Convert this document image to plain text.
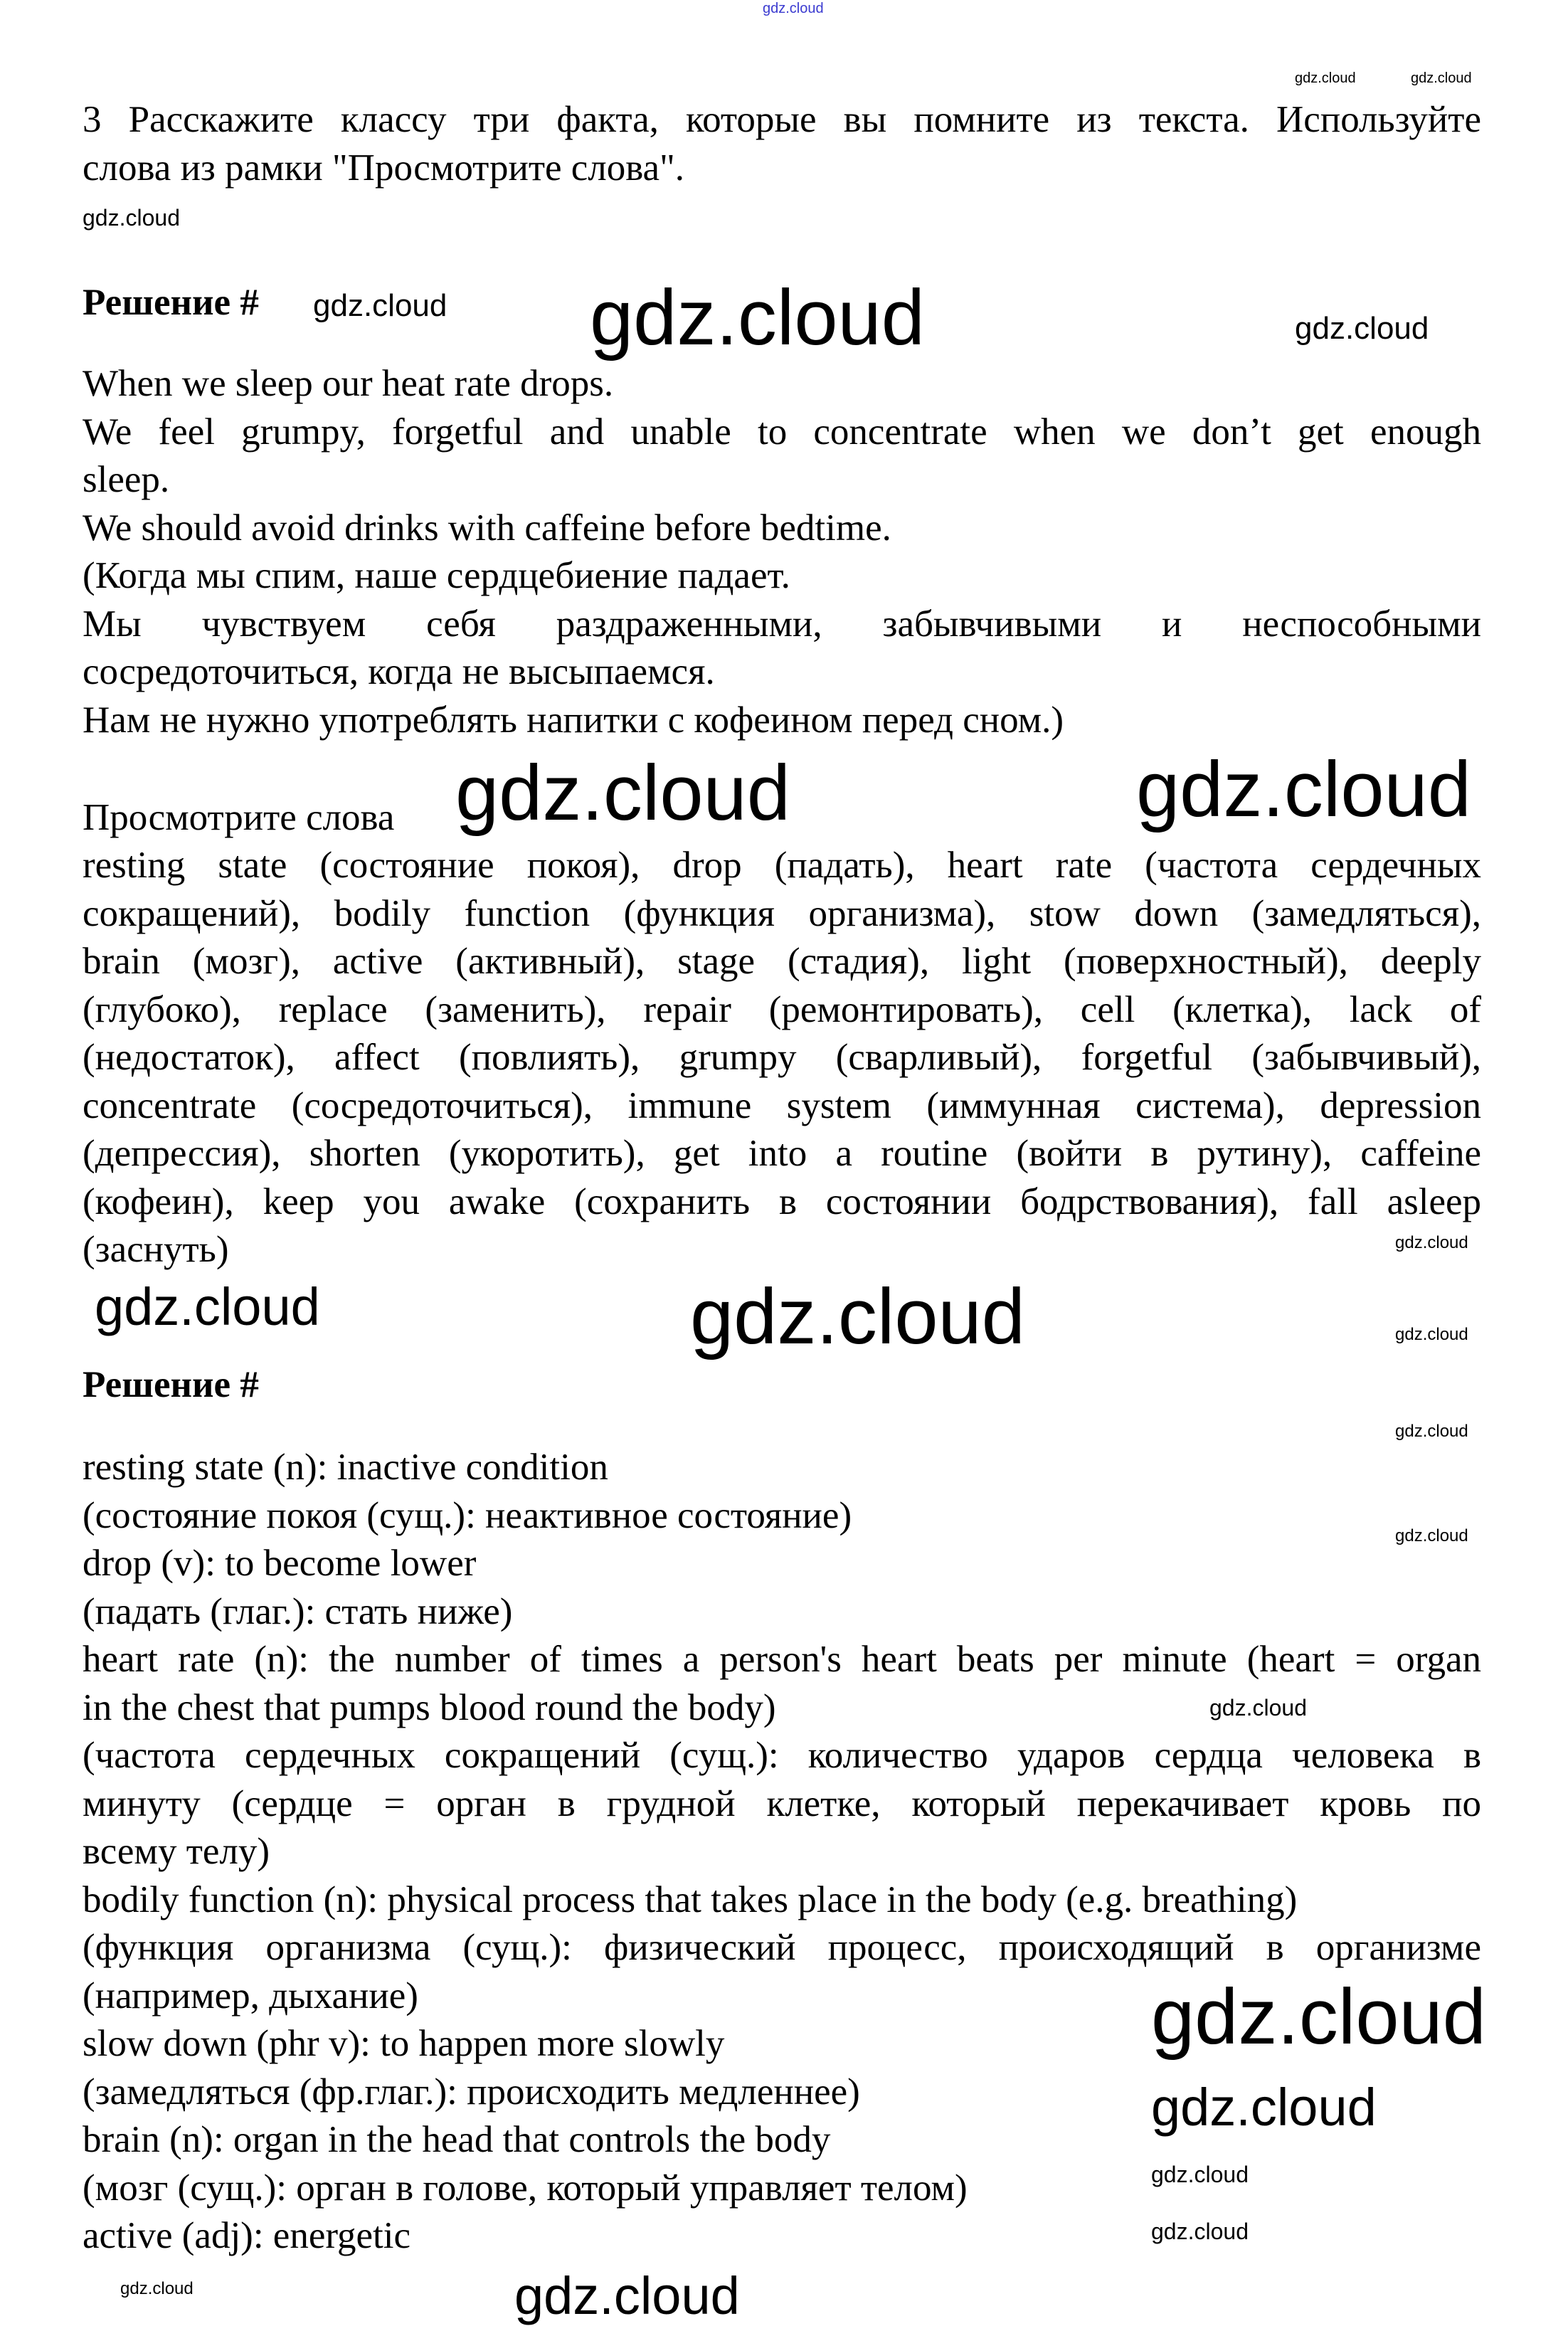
3 Расскажите классу три факта, которые вы помните из текста. Используйте
слова из рамки "Просмотрите слова".
Решение #
When we sleep our heat rate drops.
We feel grumpy, forgetful and unable to concentrate when we don’t get enough
sleep.
We should avoid drinks with caffeine before bedtime.
(Когда мы спим, наше сердцебиение падает.
Мы чувствуем себя раздраженными, забывчивыми и неспособными
сосредоточиться, когда не высыпаемся.
Нам не нужно употреблять напитки с кофеином перед сном.)
Просмотрите слова
resting state (состояние покоя), drop (падать), heart rate (частота сердечных
сокращений), bodily function (функция организма), stow down (замедляться),
brain (мозг), active (активный), stage (стадия), light (поверхностный), deeply
(глубоко), replace (заменить), repair (ремонтировать), cell (клетка), lack of
(недостаток), affect (повлиять), grumpy (сварливый), forgetful (забывчивый),
concentrate (сосредоточиться), immune system (иммунная система), depression
(депрессия), shorten (укоротить), get into a routine (войти в рутину), caffeine
(кофеин), keep you awake (сохранить в состоянии бодрствования), fall asleep
(заснуть)
Решение #
resting state (n): inactive condition
(состояние покоя (сущ.): неактивное состояние)
drop (v): to become lower
(падать (глаг.): стать ниже)
heart rate (n): the number of times a person's heart beats per minute (heart = organ
in the chest that pumps blood round the body)
(частота сердечных сокращений (сущ.): количество ударов сердца человека в
минуту (сердце = орган в грудной клетке, который перекачивает кровь по
всему телу)
bodily function (n): physical process that takes place in the body (e.g. breathing)
(функция организма (сущ.): физический процесс, происходящий в организме
(например, дыхание)
slow down (phr v): to happen more slowly
(замедляться (фр.глаг.): происходить медленнее)
brain (n): organ in the head that controls the body
(мозг (сущ.): орган в голове, который управляет телом)
active (adj): energetic
gdz.cloud
gdz.cloud	gdz.cloud
gdz.cloud
gdz.cloud gdz.cloud	gdz.cloud
gdz.cloud	gdz.cloud
gdz.cloud
gdz.cloud	gdz.cloud	gdz.cloud
gdz.cloud
gdz.cloud
gdz.cloud
gdz.cloud
gdz.cloud
gdz.cloud
gdz.cloud
gdz.cloud	gdz.cloud
